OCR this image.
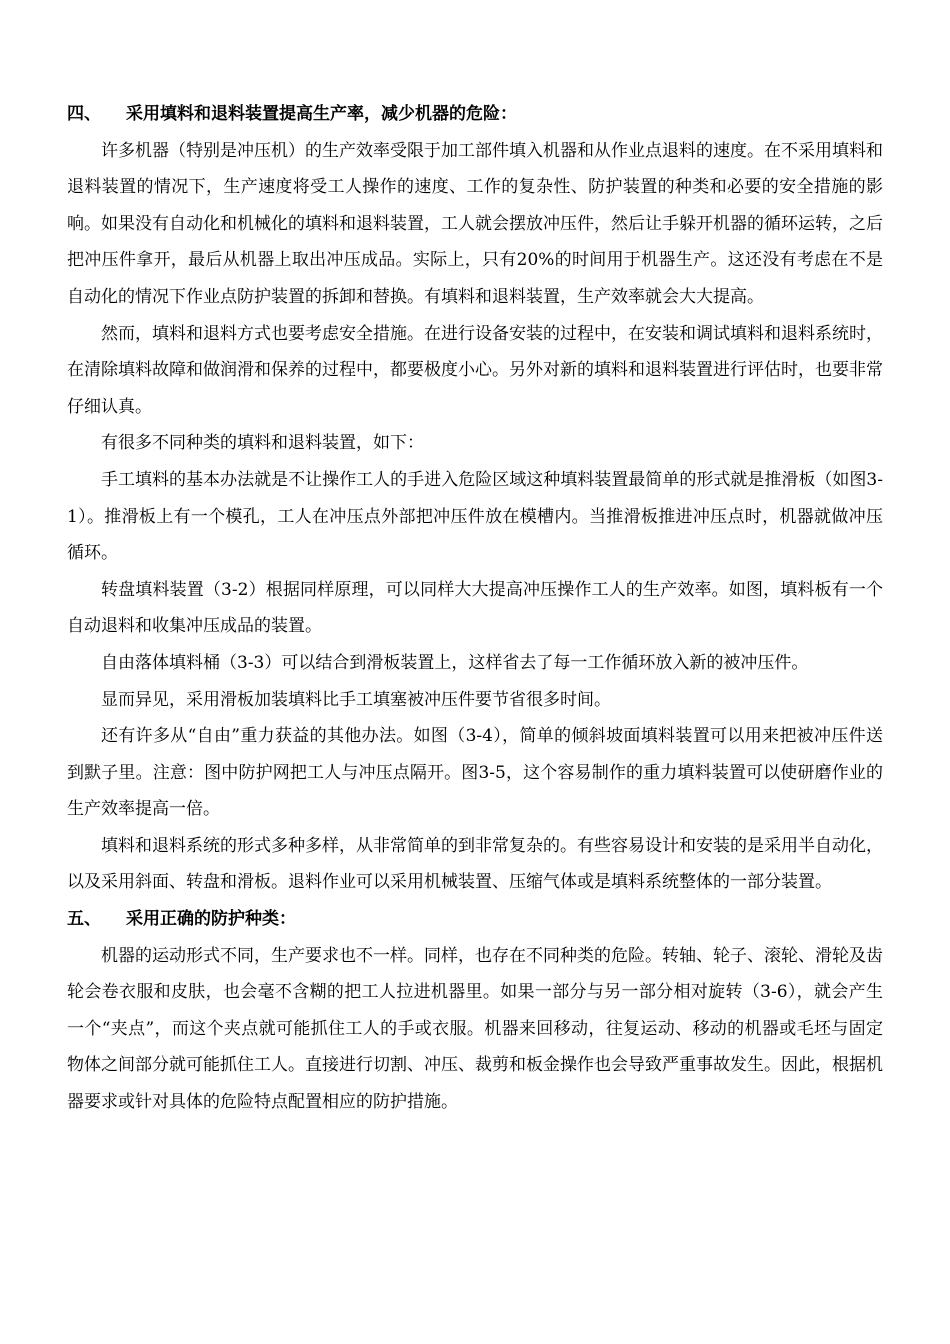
四、 采用填料和退料装置提高生产率，减少机器的危险：

许多机器（特别是冲压机）的生产效率受限于加工部件填入机器和从作业点退料的速度。在不采用填料和退料装置的情况下，生产速度将受工人操作的速度、工作的复杂性、防护装置的种类和必要的安全措施的影响。如果没有自动化和机械化的填料和退料装置，工人就会摆放冲压件，然后让手躲开机器的循环运转，之后把冲压件拿开，最后从机器上取出冲压成品。实际上，只有20%的时间用于机器生产。这还没有考虑在不是自动化的情况下作业点防护装置的拆卸和替换。有填料和退料装置，生产效率就会大大提高。

然而，填料和退料方式也要考虑安全措施。在进行设备安装的过程中，在安装和调试填料和退料系统时，在清除填料故障和做润滑和保养的过程中，都要极度小心。另外对新的填料和退料装置进行评估时，也要非常仔细认真。

有很多不同种类的填料和退料装置，如下：

手工填料的基本办法就是不让操作工人的手进入危险区域这种填料装置最简单的形式就是推滑板（如图3-1）。推滑板上有一个模孔，工人在冲压点外部把冲压件放在模槽内。当推滑板推进冲压点时，机器就做冲压循环。

转盘填料装置（3-2）根据同样原理，可以同样大大提高冲压操作工人的生产效率。如图，填料板有一个自动退料和收集冲压成品的装置。

自由落体填料桶（3-3）可以结合到滑板装置上，这样省去了每一工作循环放入新的被冲压件。

显而异见，采用滑板加装填料比手工填塞被冲压件要节省很多时间。

还有许多从“自由”重力获益的其他办法。如图（3-4），简单的倾斜坡面填料装置可以用来把被冲压件送到默子里。注意：图中防护网把工人与冲压点隔开。图3-5，这个容易制作的重力填料装置可以使研磨作业的生产效率提高一倍。

填料和退料系统的形式多种多样，从非常简单的到非常复杂的。有些容易设计和安装的是采用半自动化，以及采用斜面、转盘和滑板。退料作业可以采用机械装置、压缩气体或是填料系统整体的一部分装置。

五、 采用正确的防护种类：

机器的运动形式不同，生产要求也不一样。同样，也存在不同种类的危险。转轴、轮子、滚轮、滑轮及齿轮会卷衣服和皮肤，也会毫不含糊的把工人拉进机器里。如果一部分与另一部分相对旋转（3-6），就会产生一个“夹点”，而这个夹点就可能抓住工人的手或衣服。机器来回移动，往复运动、移动的机器或毛坯与固定物体之间部分就可能抓住工人。直接进行切割、冲压、裁剪和板金操作也会导致严重事故发生。因此，根据机器要求或针对具体的危险特点配置相应的防护措施。
